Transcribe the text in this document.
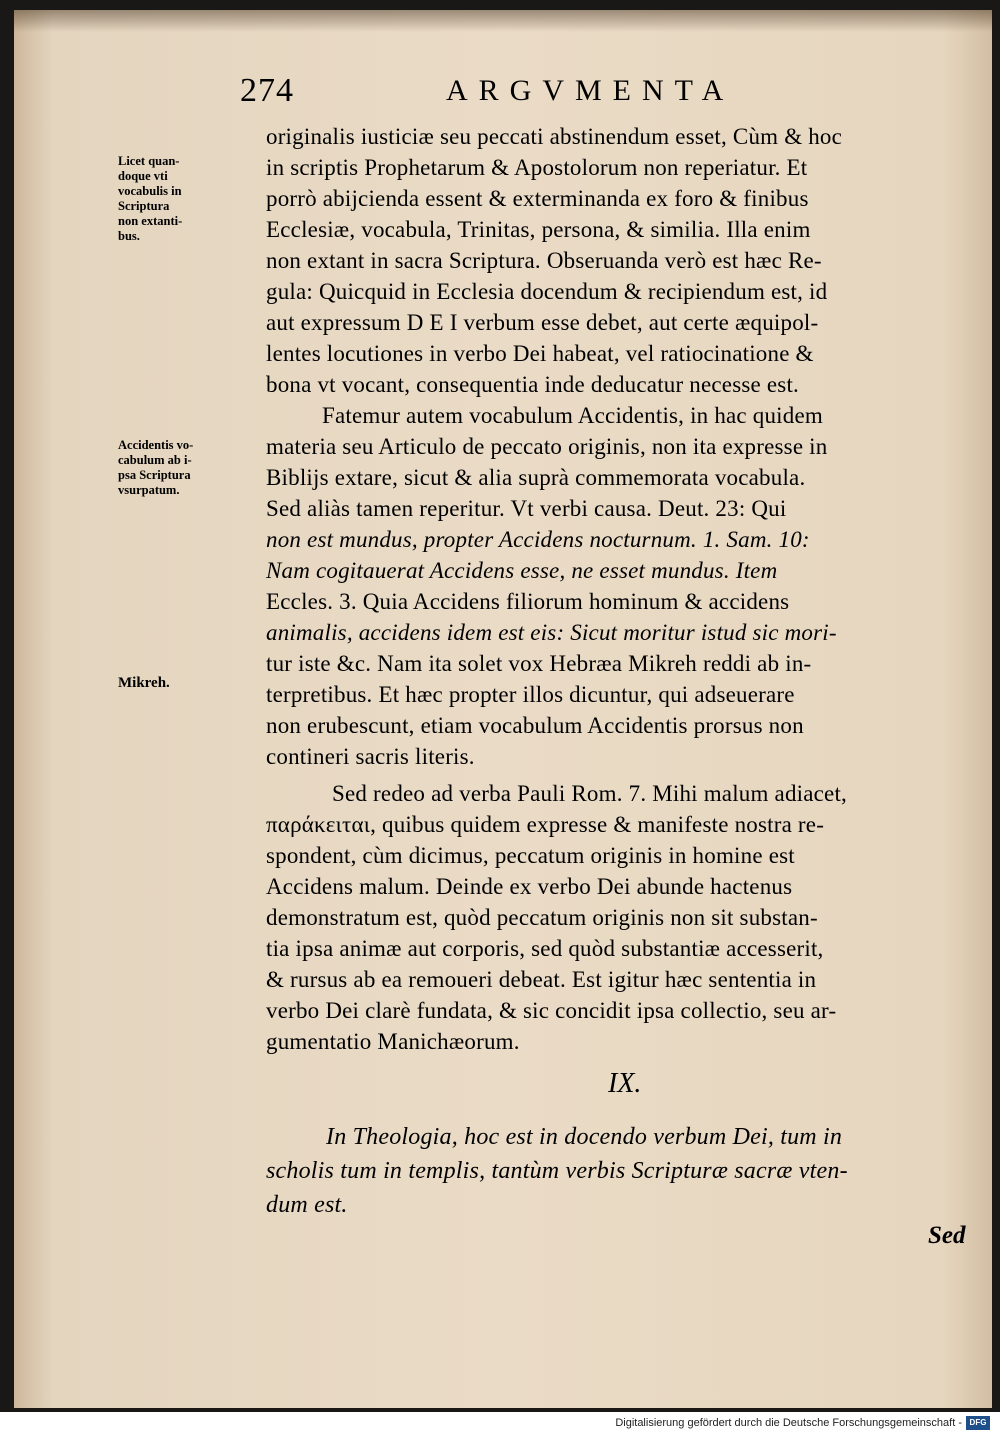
274	ARGVMENTA
Licet quan-
doque vti
vocabulis in
Scriptura
non extanti-
bus.
Accidentis vo-
cabulum ab i-
psa Scriptura
vsurpatum.
Mikreh.
originalis iusticiæ seu peccati abstinendum esset, Cùm & hoc
in scriptis Prophetarum & Apostolorum non reperiatur. Et
porrò abijcienda essent & exterminanda ex foro & finibus
Ecclesiæ, vocabula, Trinitas, persona, & similia. Illa enim
non extant in sacra Scriptura. Obseruanda verò est hæc Re-
gula: Quicquid in Ecclesia docendum & recipiendum est, id
aut expressum D E I verbum esse debet, aut certe æquipol-
lentes locutiones in verbo Dei habeat, vel ratiocinatione &
bona vt vocant, consequentia inde deducatur necesse est.
Fatemur autem vocabulum Accidentis, in hac quidem
materia seu Articulo de peccato originis, non ita expresse in
Biblijs extare, sicut & alia suprà commemorata vocabula.
Sed aliàs tamen reperitur. Vt verbi causa. Deut. 23: Qui
non est mundus, propter Accidens nocturnum. 1. Sam. 10:
Nam cogitauerat Accidens esse, ne esset mundus. Item
Eccles. 3. Quia Accidens filiorum hominum & accidens
animalis, accidens idem est eis: Sicut moritur istud sic mori-
tur iste &c. Nam ita solet vox Hebræa Mikreh reddi ab in-
terpretibus. Et hæc propter illos dicuntur, qui adseuerare
non erubescunt, etiam vocabulum Accidentis prorsus non
contineri sacris literis.
Sed redeo ad verba Pauli Rom. 7. Mihi malum adiacet,
παράκειται, quibus quidem expresse & manifeste nostra re-
spondent, cùm dicimus, peccatum originis in homine est
Accidens malum. Deinde ex verbo Dei abunde hactenus
demonstratum est, quòd peccatum originis non sit substan-
tia ipsa animæ aut corporis, sed quòd substantiæ accesserit,
& rursus ab ea remoueri debeat. Est igitur hæc sententia in
verbo Dei clarè fundata, & sic concidit ipsa collectio, seu ar-
gumentatio Manichæorum.
IX.
In Theologia, hoc est in docendo verbum Dei, tum in
scholis tum in templis, tantùm verbis Scripturæ sacræ vten-
dum est.
Sed
Digitalisierung gefördert durch die Deutsche Forschungsgemeinschaft - DFG
